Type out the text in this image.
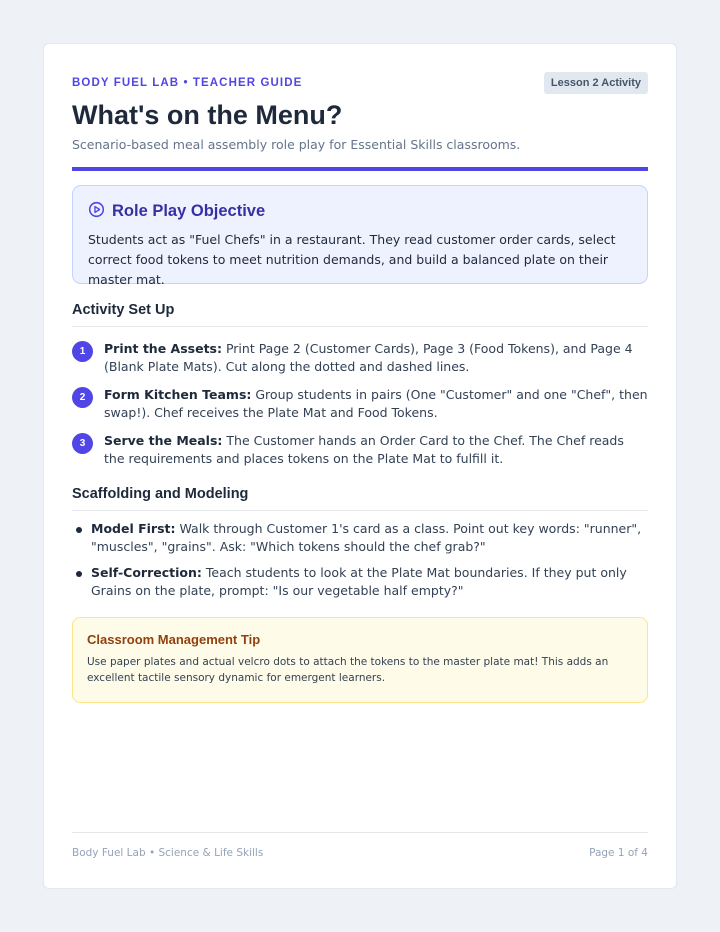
BODY FUEL LAB • TEACHER GUIDE	Lesson 2 Activity
What's on the Menu?

Scenario-based meal assembly role play for Essential Skills classrooms.

Role Play Objective

Students act as "Fuel Chefs" in a restaurant. They read customer order cards, select correct food tokens to meet nutrition demands, and build a balanced plate on their master mat.

Activity Set Up
1	Print the Assets: Print Page 2 (Customer Cards), Page 3 (Food Tokens), and Page 4 (Blank Plate Mats). Cut along the dotted and dashed lines.
2	Form Kitchen Teams: Group students in pairs (One "Customer" and one "Chef", then swap!). Chef receives the Plate Mat and Food Tokens.
3	Serve the Meals: The Customer hands an Order Card to the Chef. The Chef reads the requirements and places tokens on the Plate Mat to fulfill it.
Scaffolding and Modeling
Model First: Walk through Customer 1's card as a class. Point out key words: "runner", "muscles", "grains". Ask: "Which tokens should the chef grab?"
Self-Correction: Teach students to look at the Plate Mat boundaries. If they put only Grains on the plate, prompt: "Is our vegetable half empty?"
Classroom Management Tip

Use paper plates and actual velcro dots to attach the tokens to the master plate mat! This adds an excellent tactile sensory dynamic for emergent learners.

Body Fuel Lab • Science & Life Skills	Page 1 of 4
